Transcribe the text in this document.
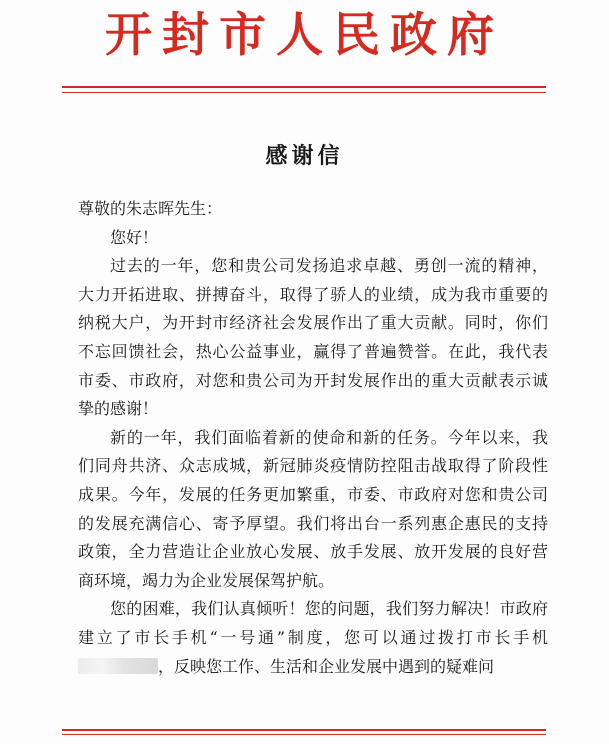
开封市人民政府
感谢信
尊敬的朱志晖先生：
您好！
过去的一年，您和贵公司发扬追求卓越、勇创一流的精神，
大力开拓进取、拼搏奋斗，取得了骄人的业绩，成为我市重要的
纳税大户，为开封市经济社会发展作出了重大贡献。同时，你们
不忘回馈社会，热心公益事业，赢得了普遍赞誉。在此，我代表
市委、市政府，对您和贵公司为开封发展作出的重大贡献表示诚
挚的感谢！
新的一年，我们面临着新的使命和新的任务。今年以来，我
们同舟共济、众志成城，新冠肺炎疫情防控阻击战取得了阶段性
成果。今年，发展的任务更加繁重，市委、市政府对您和贵公司
的发展充满信心、寄予厚望。我们将出台一系列惠企惠民的支持
政策，全力营造让企业放心发展、放手发展、放开发展的良好营
商环境，竭力为企业发展保驾护航。
您的困难，我们认真倾听！您的问题，我们努力解决！市政府
建立了市长手机“一号通”制度，您可以通过拨打市长手机
，反映您工作、生活和企业发展中遇到的疑难问
